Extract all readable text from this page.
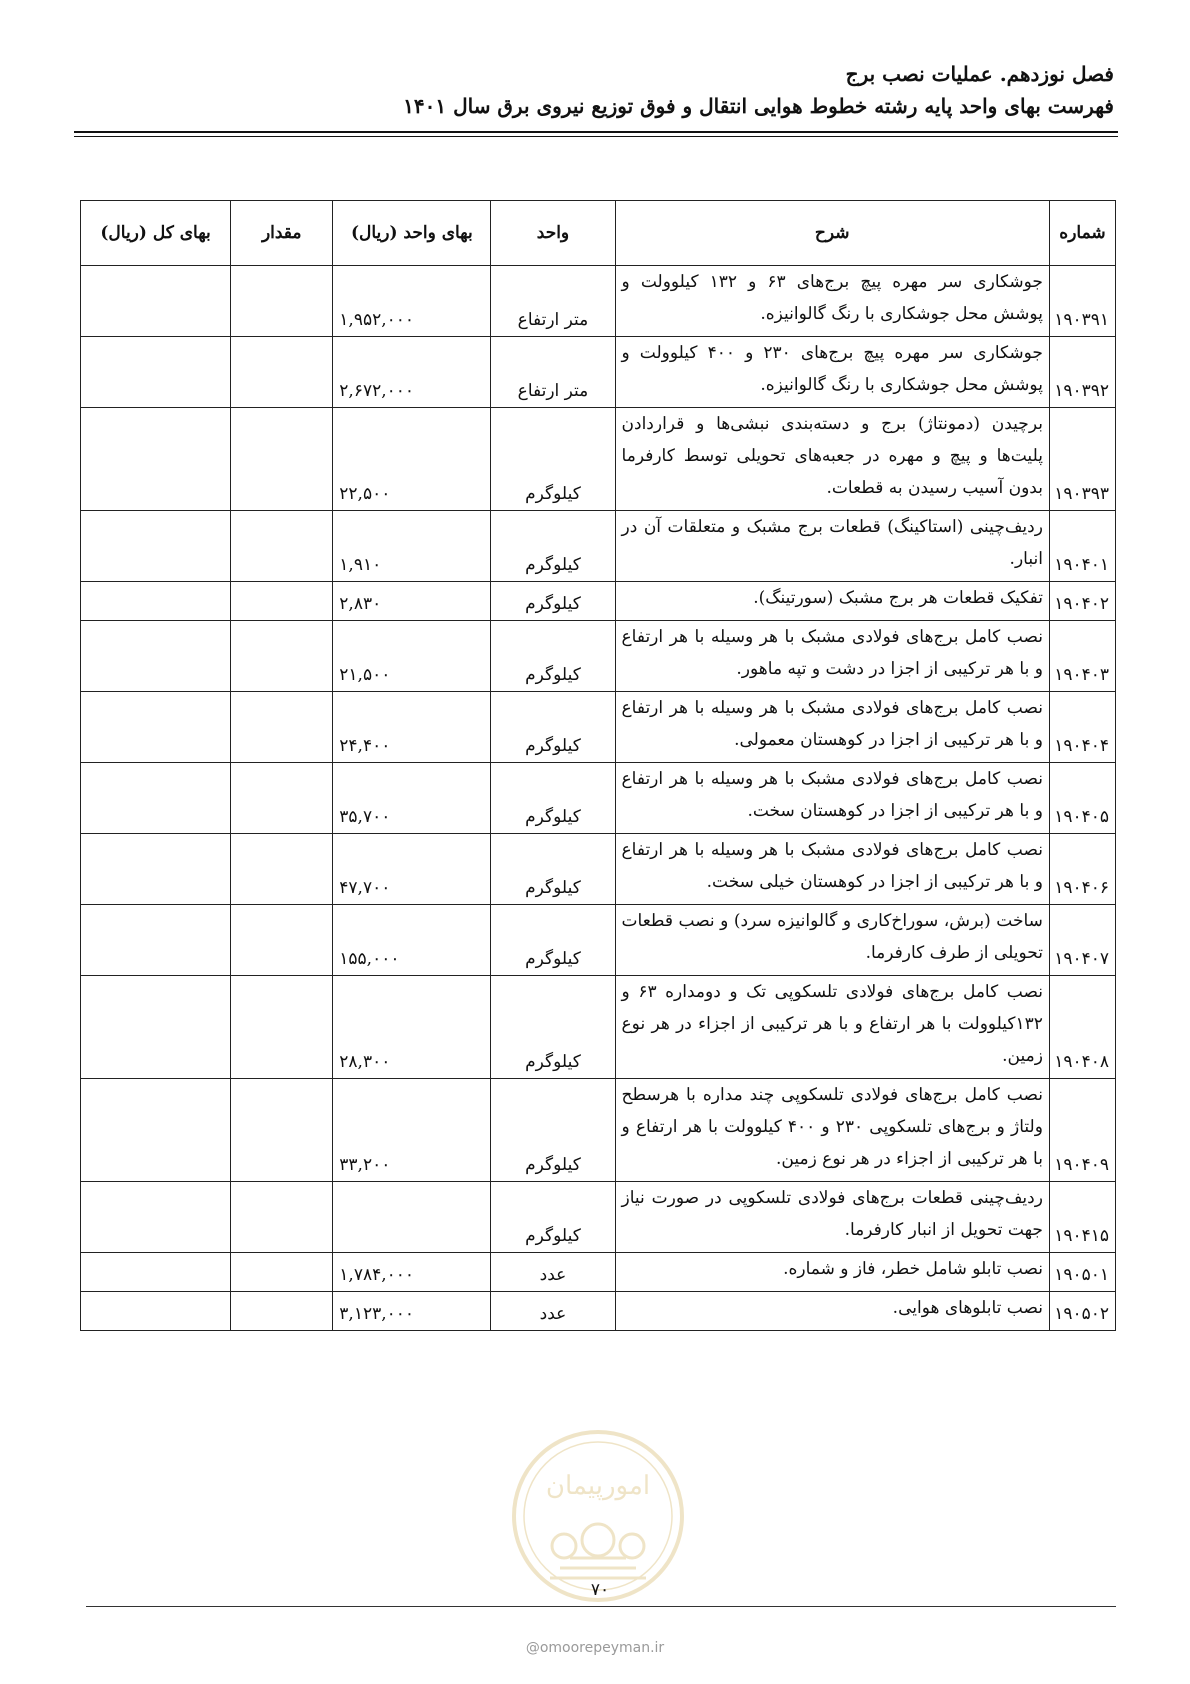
فصل نوزدهم. عملیات نصب برج
فهرست بهای واحد پایه رشته خطوط هوایی انتقال و فوق توزیع نیروی برق سال ۱۴۰۱
شماره	شرح	واحد	بهای واحد (ریال)	مقدار	بهای کل (ریال)
۱۹۰۳۹۱	جوشکاری سر مهره پیچ برج‌های ۶۳ و ۱۳۲ کیلوولت و پوشش محل جوشکاری با رنگ گالوانیزه.	متر ارتفاع	۱,۹۵۲,۰۰۰		
۱۹۰۳۹۲	جوشکاری سر مهره پیچ برج‌های ۲۳۰ و ۴۰۰ کیلوولت و پوشش محل جوشکاری با رنگ گالوانیزه.	متر ارتفاع	۲,۶۷۲,۰۰۰		
۱۹۰۳۹۳	برچیدن (دمونتاژ) برج و دسته‌بندی نبشی‌ها و قراردادن پلیت‌ها و پیچ و مهره در جعبه‌های تحویلی توسط کارفرما بدون آسیب رسیدن به قطعات.	کیلوگرم	۲۲,۵۰۰		
۱۹۰۴۰۱	ردیف‌چینی (استاکینگ) قطعات برج مشبک و متعلقات آن در انبار.	کیلوگرم	۱,۹۱۰		
۱۹۰۴۰۲	تفکیک قطعات هر برج مشبک (سورتینگ).	کیلوگرم	۲,۸۳۰		
۱۹۰۴۰۳	نصب کامل برج‌های فولادی مشبک با هر وسیله با هر ارتفاع و با هر ترکیبی از اجزا در دشت و تپه ماهور.	کیلوگرم	۲۱,۵۰۰		
۱۹۰۴۰۴	نصب کامل برج‌های فولادی مشبک با هر وسیله با هر ارتفاع و با هر ترکیبی از اجزا در کوهستان معمولی.	کیلوگرم	۲۴,۴۰۰		
۱۹۰۴۰۵	نصب کامل برج‌های فولادی مشبک با هر وسیله با هر ارتفاع و با هر ترکیبی از اجزا در کوهستان سخت.	کیلوگرم	۳۵,۷۰۰		
۱۹۰۴۰۶	نصب کامل برج‌های فولادی مشبک با هر وسیله با هر ارتفاع و با هر ترکیبی از اجزا در کوهستان خیلی سخت.	کیلوگرم	۴۷,۷۰۰		
۱۹۰۴۰۷	ساخت (برش، سوراخ‌کاری و گالوانیزه سرد) و نصب قطعات تحویلی از طرف کارفرما.	کیلوگرم	۱۵۵,۰۰۰		
۱۹۰۴۰۸	نصب کامل برج‌های فولادی تلسکوپی تک و دومداره ۶۳ و ۱۳۲کیلوولت با هر ارتفاع و با هر ترکیبی از اجزاء در هر نوع زمین.	کیلوگرم	۲۸,۳۰۰		
۱۹۰۴۰۹	نصب کامل برج‌های فولادی تلسکوپی چند مداره با هرسطح ولتاژ و برج‌های تلسکوپی ۲۳۰ و ۴۰۰ کیلوولت با هر ارتفاع و با هر ترکیبی از اجزاء در هر نوع زمین.	کیلوگرم	۳۳,۲۰۰		
۱۹۰۴۱۵	ردیف‌چینی قطعات برج‌های فولادی تلسکوپی در صورت نیاز جهت تحویل از انبار کارفرما.	کیلوگرم			
۱۹۰۵۰۱	نصب تابلو شامل خطر، فاز و شماره.	عدد	۱,۷۸۴,۰۰۰		
۱۹۰۵۰۲	نصب تابلوهای هوایی.	عدد	۳,۱۲۳,۰۰۰		
امورپیمان
۷۰
@omoorepeyman.ir
